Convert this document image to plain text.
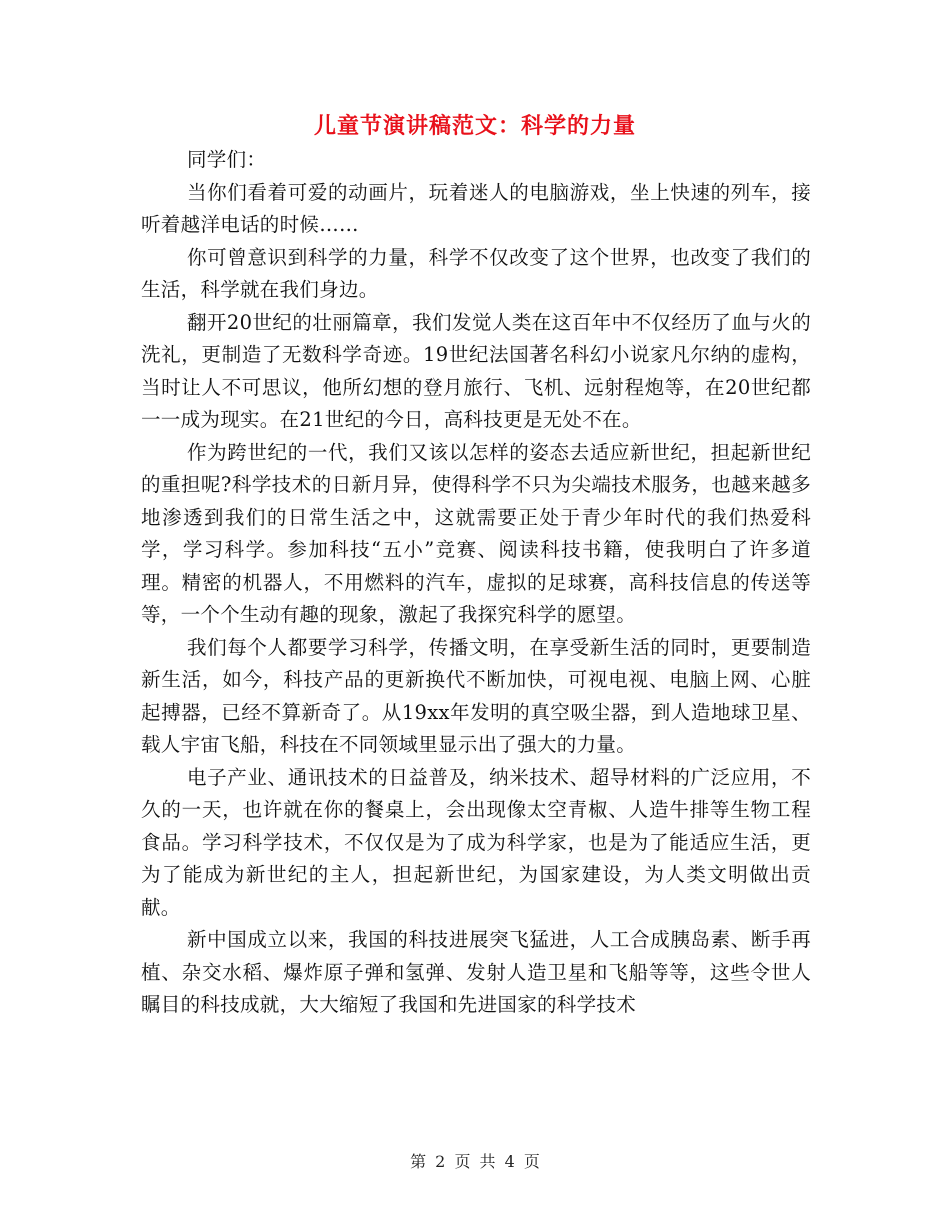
儿童节演讲稿范文：科学的力量

同学们：

当你们看着可爱的动画片，玩着迷人的电脑游戏，坐上快速的列车，接听着越洋电话的时候……

你可曾意识到科学的力量，科学不仅改变了这个世界，也改变了我们的生活，科学就在我们身边。

翻开20世纪的壮丽篇章，我们发觉人类在这百年中不仅经历了血与火的洗礼，更制造了无数科学奇迹。19世纪法国著名科幻小说家凡尔纳的虚构，当时让人不可思议，他所幻想的登月旅行、飞机、远射程炮等，在20世纪都一一成为现实。在21世纪的今日，高科技更是无处不在。

作为跨世纪的一代，我们又该以怎样的姿态去适应新世纪，担起新世纪的重担呢?科学技术的日新月异，使得科学不只为尖端技术服务，也越来越多地渗透到我们的日常生活之中，这就需要正处于青少年时代的我们热爱科学，学习科学。参加科技“五小”竞赛、阅读科技书籍，使我明白了许多道理。精密的机器人，不用燃料的汽车，虚拟的足球赛，高科技信息的传送等等，一个个生动有趣的现象，激起了我探究科学的愿望。

我们每个人都要学习科学，传播文明，在享受新生活的同时，更要制造新生活，如今，科技产品的更新换代不断加快，可视电视、电脑上网、心脏起搏器，已经不算新奇了。从19xx年发明的真空吸尘器，到人造地球卫星、载人宇宙飞船，科技在不同领域里显示出了强大的力量。

电子产业、通讯技术的日益普及，纳米技术、超导材料的广泛应用，不久的一天，也许就在你的餐桌上，会出现像太空青椒、人造牛排等生物工程食品。学习科学技术，不仅仅是为了成为科学家，也是为了能适应生活，更为了能成为新世纪的主人，担起新世纪，为国家建设，为人类文明做出贡献。

新中国成立以来，我国的科技进展突飞猛进，人工合成胰岛素、断手再植、杂交水稻、爆炸原子弹和氢弹、发射人造卫星和飞船等等，这些令世人瞩目的科技成就，大大缩短了我国和先进国家的科学技术

第 2 页 共 4 页
